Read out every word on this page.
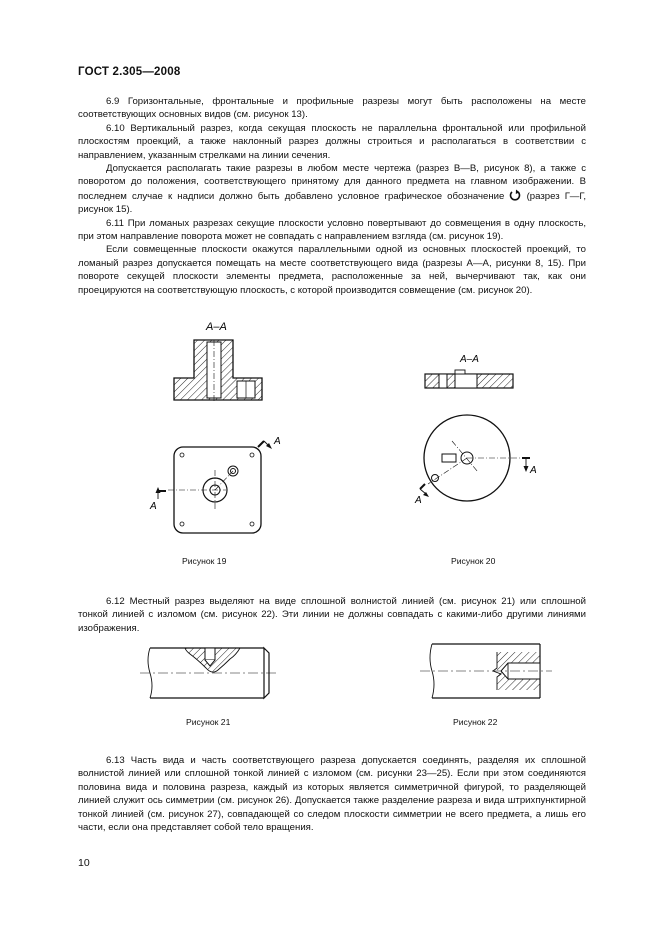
ГОСТ 2.305—2008

6.9 Горизонтальные, фронтальные и профильные разрезы могут быть расположены на месте соответствующих основных видов (см. рисунок 13).

6.10 Вертикальный разрез, когда секущая плоскость не параллельна фронтальной или профильной плоскостям проекций, а также наклонный разрез должны строиться и располагаться в соответствии с направлением, указанным стрелками на линии сечения.

Допускается располагать такие разрезы в любом месте чертежа (разрез В—В, рисунок 8), а также с поворотом до положения, соответствующего принятому для данного предмета на главном изображении. В последнем случае к надписи должно быть добавлено условное графическое обозначение (разрез Г—Г, рисунок 15).

6.11 При ломаных разрезах секущие плоскости условно повертывают до совмещения в одну плоскость, при этом направление поворота может не совпадать с направлением взгляда (см. рисунок 19).

Если совмещенные плоскости окажутся параллельными одной из основных плоскостей проекций, то ломаный разрез допускается помещать на месте соответствующего вида (разрезы А—А, рисунки 8, 15). При повороте секущей плоскости элементы предмета, расположенные за ней, вычерчивают так, как они проецируются на соответствующую плоскость, с которой производится совмещение (см. рисунок 20).

А–А
А
А
Рисунок 19
А–А
А
А
Рисунок 20

6.12 Местный разрез выделяют на виде сплошной волнистой линией (см. рисунок 21) или сплошной тонкой линией с изломом (см. рисунок 22). Эти линии не должны совпадать с какими-либо другими линиями изображения.

Рисунок 21	Рисунок 22

6.13 Часть вида и часть соответствующего разреза допускается соединять, разделяя их сплошной волнистой линией или сплошной тонкой линией с изломом (см. рисунки 23—25). Если при этом соединяются половина вида и половина разреза, каждый из которых является симметричной фигурой, то разделяющей линией служит ось симметрии (см. рисунок 26). Допускается также разделение разреза и вида штрихпунктирной тонкой линией (см. рисунок 27), совпадающей со следом плоскости симметрии не всего предмета, а лишь его части, если она представляет собой тело вращения.

10
